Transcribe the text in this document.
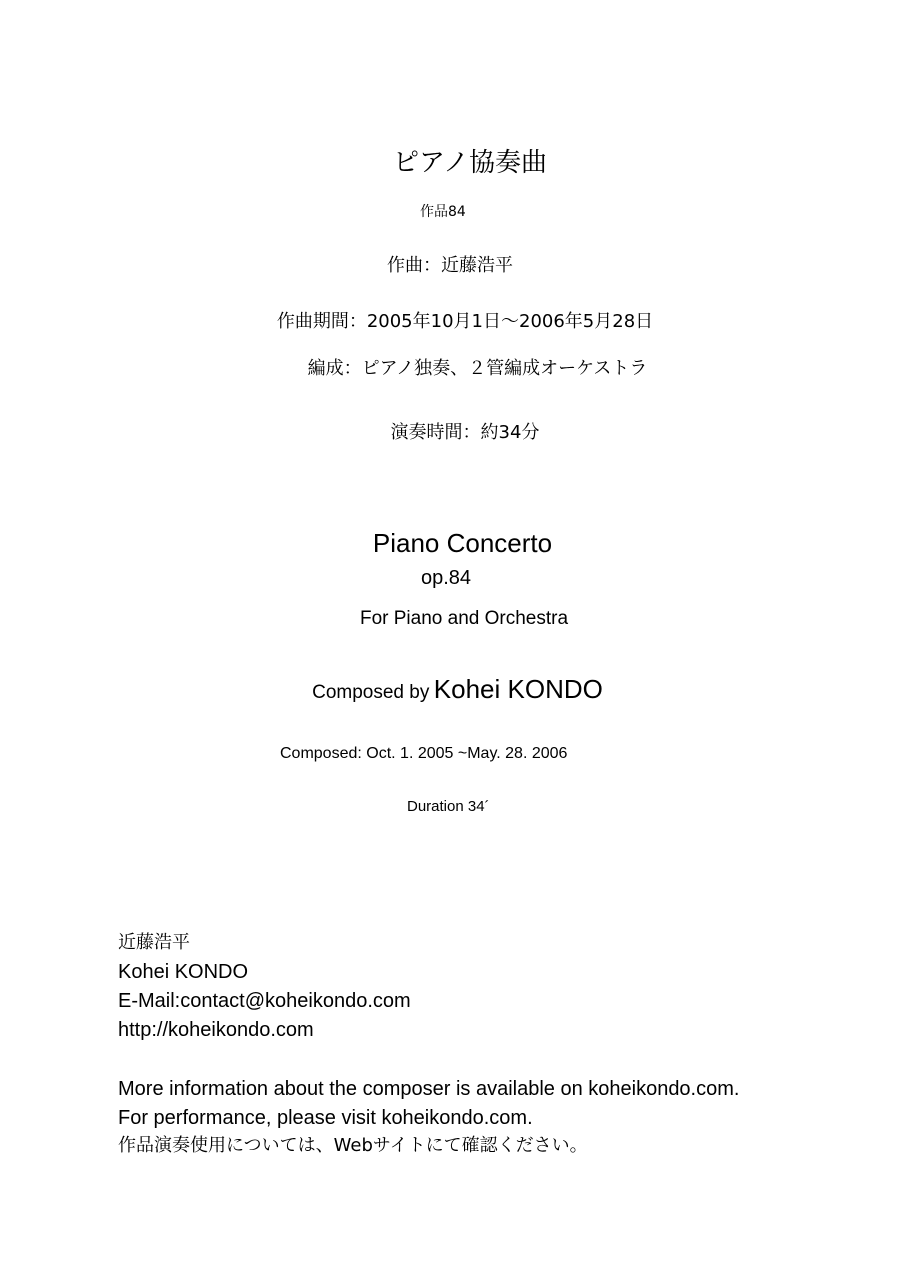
ピアノ協奏曲
作品84
作曲：近藤浩平
作曲期間：2005年10月1日～2006年5月28日
編成：ピアノ独奏、２管編成オーケストラ
演奏時間：約34分
Piano Concerto
op.84
For Piano and Orchestra
Composed by Kohei KONDO
Composed: Oct. 1. 2005 ~May. 28. 2006
Duration 34´
近藤浩平
Kohei KONDO
E-Mail:contact@koheikondo.com
http://koheikondo.com
More information about the composer is available on koheikondo.com.
For performance, please visit koheikondo.com.
作品演奏使用については、Webサイトにて確認ください。
